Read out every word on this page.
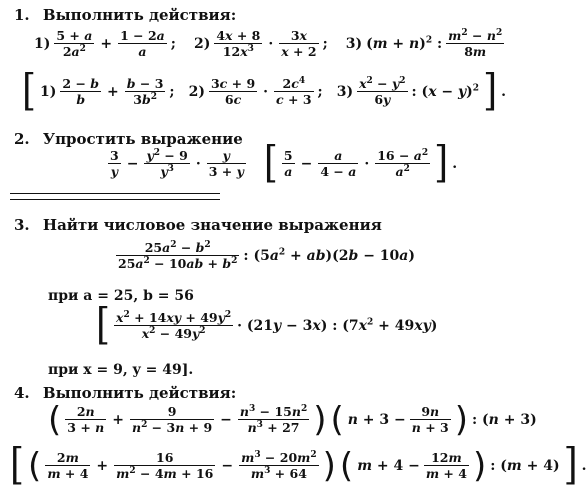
1. Выполнить действия:
$1) \frac{5 + a}{2a^2} + \frac{1 - 2a}{a}$ ; $2) \frac{4x + 8}{12x^3} \cdot \frac{3x}{x + 2}$ ; 3) $(m + n)^2$ : $\frac{m^2 - n^2}{8m}$
[ $1) \frac{2 - b}{b} + \frac{b - 3}{3b^2}$ ; $2) \frac{3c + 9}{6c} \cdot \frac{2c^4}{c + 3}$ ; $3) \frac{x^2 - y^2}{6y}$ : $(x - y)^2$ ] .
2. Упростить выражение
$\frac{3}{y} - \frac{y^2 - 9}{y^3} \cdot \frac{y}{3 + y}$ [ $\frac{5}{a} - \frac{a}{4 - a} \cdot \frac{16 - a^2}{a^2}$ ] .
3. Найти числовое значение выражения
$\frac{25a^2 - b^2}{25a^2 - 10ab + b^2}$ : $(5a^2 + ab)(2b - 10a)$
при a = 25, b = 56
[ $\frac{x^2 + 14xy + 49y^2}{x^2 - 49y^2} \cdot (21y - 3x)$ : $(7x^2 + 49xy)$
при x = 9, y = 49].
4. Выполнить действия:
( $\frac{2n}{3 + n} + \frac{9}{n^2 - 3n + 9} - \frac{n^3 - 15n^2}{n^3 + 27}$ ) ( $n + 3 - \frac{9n}{n + 3}$ ) : (n + 3)
[ ( $\frac{2m}{m + 4} + \frac{16}{m^2 - 4m + 16} - \frac{m^3 - 20m^2}{m^3 + 64}$ ) ( $m + 4 - \frac{12m}{m + 4}$ ) : (m + 4) ] .
